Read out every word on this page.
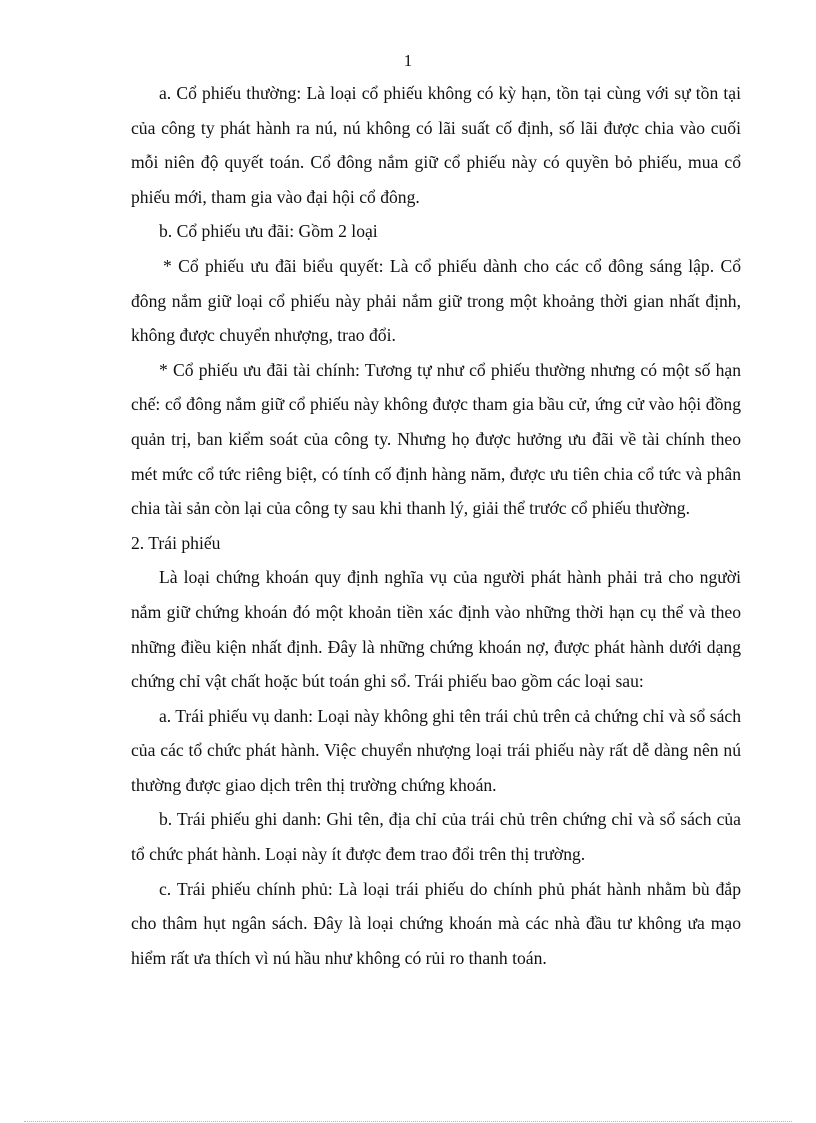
1

a. Cổ phiếu thường: Là loại cổ phiếu không có kỳ hạn, tồn tại cùng với sự tồn tại của công ty phát hành ra nú, nú không có lãi suất cố định, số lãi được chia vào cuối mỗi niên độ quyết toán. Cổ đông nắm giữ cổ phiếu này có quyền bỏ phiếu, mua cổ phiếu mới, tham gia vào đại hội cổ đông.

b. Cổ phiếu ưu đãi: Gồm 2 loại

* Cổ phiếu ưu đãi biểu quyết: Là cổ phiếu dành cho các cổ đông sáng lập. Cổ đông nắm giữ loại cổ phiếu này phải nắm giữ trong một khoảng thời gian nhất định, không được chuyển nhượng, trao đổi.

* Cổ phiếu ưu đãi tài chính: Tương tự như cổ phiếu thường nhưng có một số hạn chế: cổ đông nắm giữ cổ phiếu này không được tham gia bầu cử, ứng cử vào hội đồng quản trị, ban kiểm soát của công ty. Nhưng họ được hưởng ưu đãi về tài chính theo mét mức cổ tức riêng biệt, có tính cố định hàng năm, được ưu tiên chia cổ tức và phân chia tài sản còn lại của công ty sau khi thanh lý, giải thể trước cổ phiếu thường.

2. Trái phiếu

Là loại chứng khoán quy định nghĩa vụ của người phát hành phải trả cho người nắm giữ chứng khoán đó một khoản tiền xác định vào những thời hạn cụ thể và theo những điều kiện nhất định. Đây là những chứng khoán nợ, được phát hành dưới dạng chứng chỉ vật chất hoặc bút toán ghi sổ. Trái phiếu bao gồm các loại sau:

a. Trái phiếu vụ danh: Loại này không ghi tên trái chủ trên cả chứng chỉ và sổ sách của các tổ chức phát hành. Việc chuyển nhượng loại trái phiếu này rất dễ dàng nên nú thường được giao dịch trên thị trường chứng khoán.

b. Trái phiếu ghi danh: Ghi tên, địa chỉ của trái chủ trên chứng chỉ và sổ sách của tổ chức phát hành. Loại này ít được đem trao đổi trên thị trường.

c. Trái phiếu chính phủ: Là loại trái phiếu do chính phủ phát hành nhằm bù đắp cho thâm hụt ngân sách. Đây là loại chứng khoán mà các nhà đầu tư không ưa mạo hiểm rất ưa thích vì nú hầu như không có rủi ro thanh toán.
